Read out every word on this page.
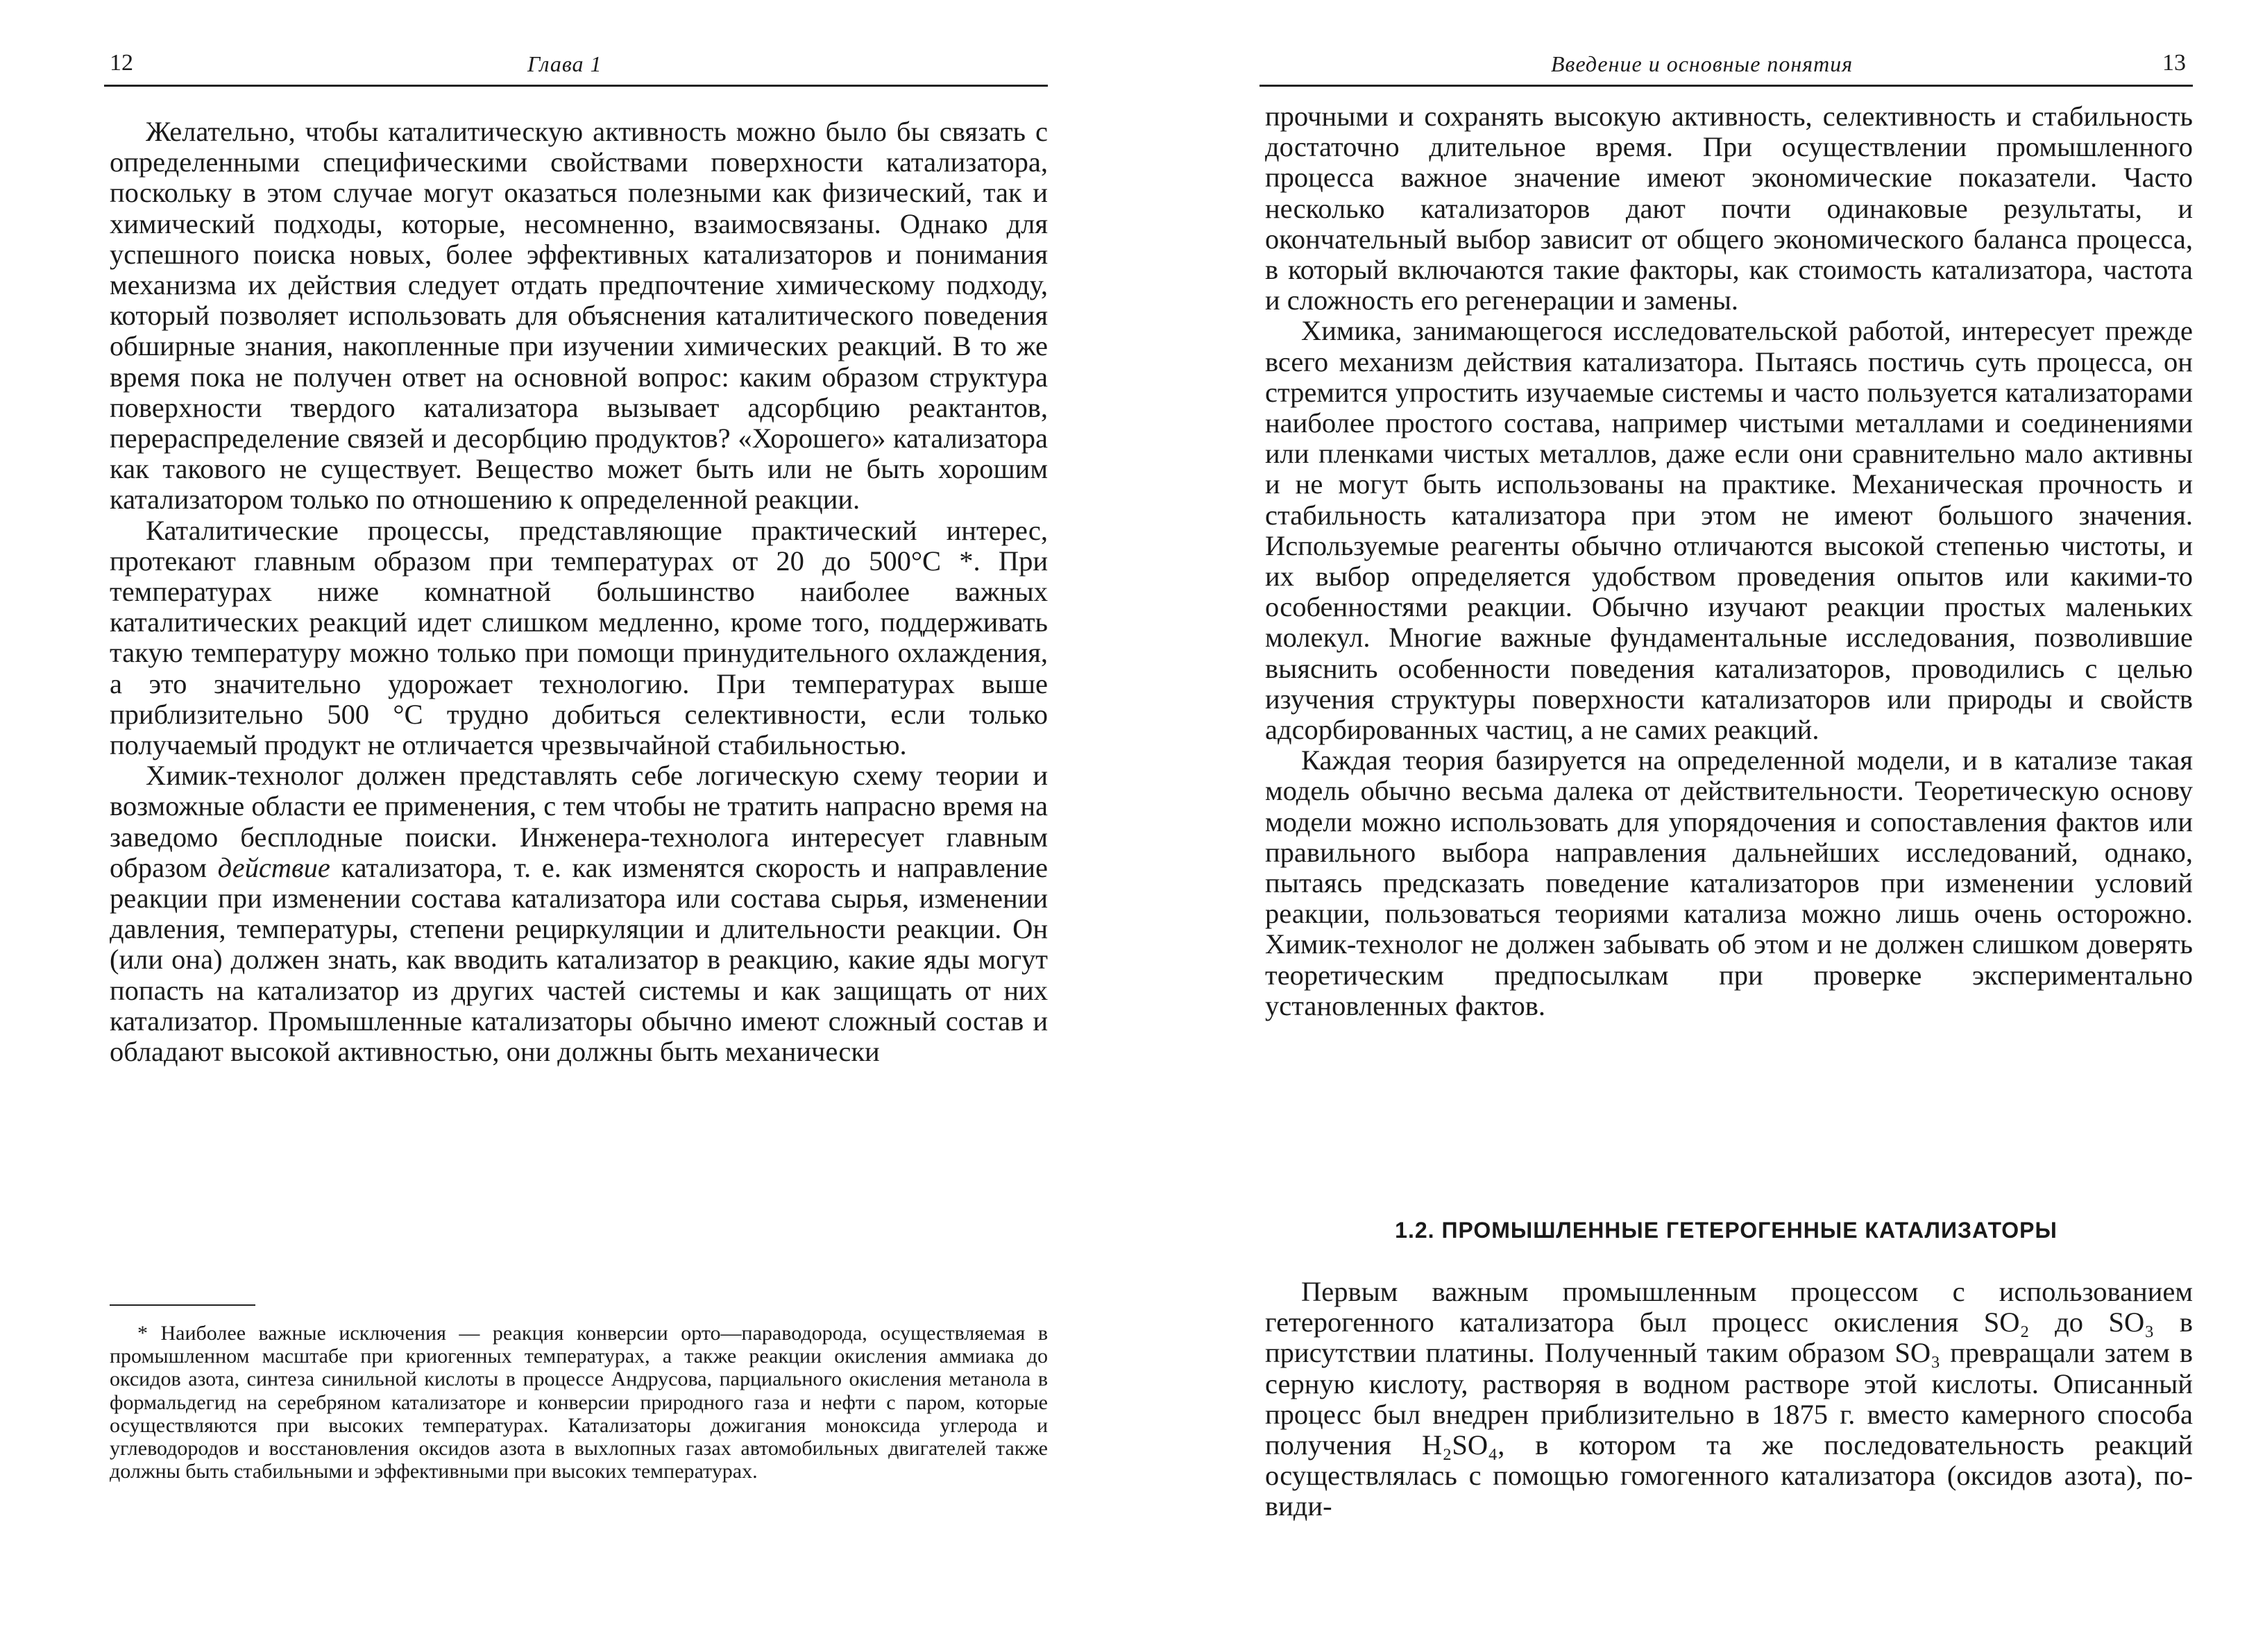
12	Глава 1

Желательно, чтобы каталитическую активность можно было бы связать с определенными специфическими свойствами поверхности катализатора, поскольку в этом случае могут оказаться полезными как физический, так и химический подходы, которые, несомненно, взаимосвязаны. Однако для успешного поиска новых, более эффективных катализаторов и понимания механизма их действия следует отдать предпочтение химическому подходу, который позволяет использовать для объяснения каталитического поведения обширные знания, накопленные при изучении химических реакций. В то же время пока не получен ответ на основной вопрос: каким образом структура поверхности твердого катализатора вызывает адсорбцию реактантов, перераспределение связей и десорбцию продуктов? «Хорошего» катализатора как такового не существует. Вещество может быть или не быть хорошим катализатором только по отношению к определенной реакции.

Каталитические процессы, представляющие практический интерес, протекают главным образом при температурах от 20 до 500°С *. При температурах ниже комнатной большинство наиболее важных каталитических реакций идет слишком медленно, кроме того, поддерживать такую температуру можно только при помощи принудительного охлаждения, а это значительно удорожает технологию. При температурах выше приблизительно 500 °С трудно добиться селективности, если только получаемый продукт не отличается чрезвычайной стабильностью.

Химик-технолог должен представлять себе логическую схему теории и возможные области ее применения, с тем чтобы не тратить напрасно время на заведомо бесплодные поиски. Инженера-технолога интересует главным образом действие катализатора, т. е. как изменятся скорость и направление реакции при изменении состава катализатора или состава сырья, изменении давления, температуры, степени рециркуляции и длительности реакции. Он (или она) должен знать, как вводить катализатор в реакцию, какие яды могут попасть на катализатор из других частей системы и как защищать от них катализатор. Промышленные катализаторы обычно имеют сложный состав и обладают высокой активностью, они должны быть механически

* Наиболее важные исключения — реакция конверсии орто—параводорода, осуществляемая в промышленном масштабе при криогенных температурах, а также реакции окисления аммиака до оксидов азота, синтеза синильной кислоты в процессе Андрусова, парциального окисления метанола в формальдегид на серебряном катализаторе и конверсии природного газа и нефти с паром, которые осуществляются при высоких температурах. Катализаторы дожигания моноксида углерода и углеводородов и восстановления оксидов азота в выхлопных газах автомобильных двигателей также должны быть стабильными и эффективными при высоких температурах.

Введение и основные понятия	13

прочными и сохранять высокую активность, селективность и стабильность достаточно длительное время. При осуществлении промышленного процесса важное значение имеют экономические показатели. Часто несколько катализаторов дают почти одинаковые результаты, и окончательный выбор зависит от общего экономического баланса процесса, в который включаются такие факторы, как стоимость катализатора, частота и сложность его регенерации и замены.

Химика, занимающегося исследовательской работой, интересует прежде всего механизм действия катализатора. Пытаясь постичь суть процесса, он стремится упростить изучаемые системы и часто пользуется катализаторами наиболее простого состава, например чистыми металлами и соединениями или пленками чистых металлов, даже если они сравнительно мало активны и не могут быть использованы на практике. Механическая прочность и стабильность катализатора при этом не имеют большого значения. Используемые реагенты обычно отличаются высокой степенью чистоты, и их выбор определяется удобством проведения опытов или какими-то особенностями реакции. Обычно изучают реакции простых маленьких молекул. Многие важные фундаментальные исследования, позволившие выяснить особенности поведения катализаторов, проводились с целью изучения структуры поверхности катализаторов или природы и свойств адсорбированных частиц, а не самих реакций.

Каждая теория базируется на определенной модели, и в катализе такая модель обычно весьма далека от действительности. Теоретическую основу модели можно использовать для упорядочения и сопоставления фактов или правильного выбора направления дальнейших исследований, однако, пытаясь предсказать поведение катализаторов при изменении условий реакции, пользоваться теориями катализа можно лишь очень осторожно. Химик-технолог не должен забывать об этом и не должен слишком доверять теоретическим предпосылкам при проверке экспериментально установленных фактов.

1.2. ПРОМЫШЛЕННЫЕ ГЕТЕРОГЕННЫЕ КАТАЛИЗАТОРЫ

Первым важным промышленным процессом с использованием гетерогенного катализатора был процесс окисления SO₂ до SO₃ в присутствии платины. Полученный таким образом SO₃ превращали затем в серную кислоту, растворяя в водном растворе этой кислоты. Описанный процесс был внедрен приблизительно в 1875 г. вместо камерного способа получения H₂SO₄, в котором та же последовательность реакций осуществлялась с помощью гомогенного катализатора (оксидов азота), по-види-
